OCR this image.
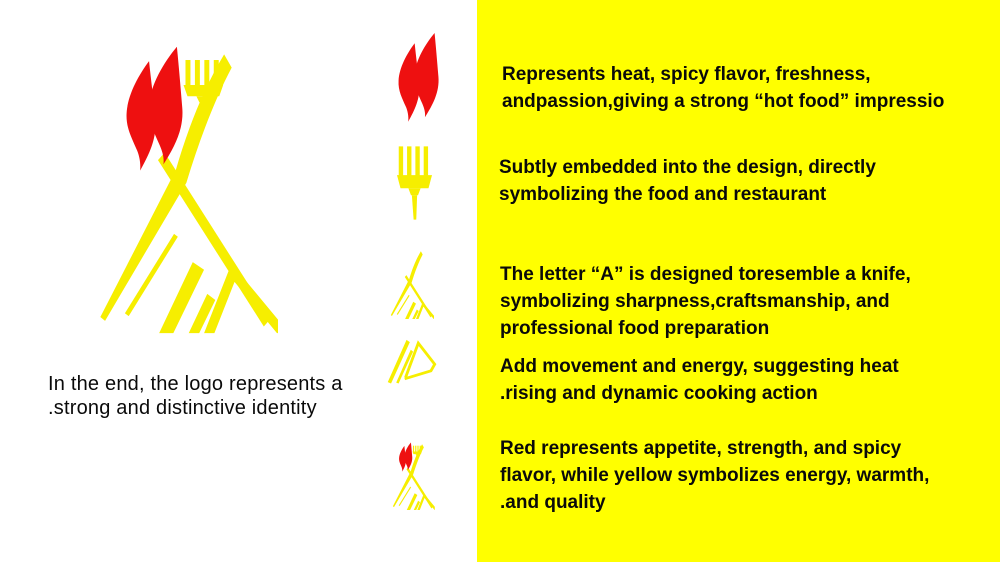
In the end, the logo represents a
.strong and distinctive identity
Represents heat, spicy flavor, freshness,
andpassion,giving a strong “hot food” impressio
Subtly embedded into the design, directly
symbolizing the food and restaurant
The letter “A” is designed toresemble a knife,
symbolizing sharpness,craftsmanship, and
professional food preparation
Add movement and energy, suggesting heat
.rising and dynamic cooking action
Red represents appetite, strength, and spicy
flavor, while yellow symbolizes energy, warmth,
.and quality
